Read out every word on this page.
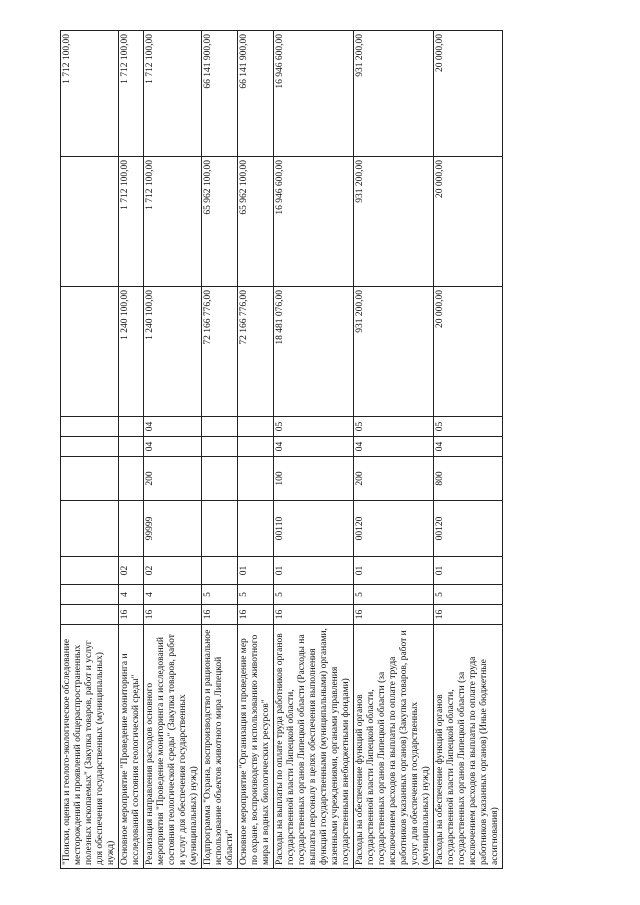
"Поиски, оценка и геолого-экологическое обследование месторождений и проявлений общераспространенных полезных ископаемых" (Закупка товаров, работ и услуг для обеспечения государственных (муниципальных) нужд)										1 712 100,00
Основное мероприятие "Проведение мониторинга и исследований состояния геологической среды"	16	4	02					1 240 100,00	1 712 100,00	1 712 100,00
Реализация направления расходов основного мероприятия "Проведение мониторинга и исследований состояния геологической среды" (Закупка товаров, работ и услуг для обеспечения государственных (муниципальных) нужд)	16	4	02	99999	200	04	04	1 240 100,00	1 712 100,00	1 712 100,00
Подпрограмма "Охрана, воспроизводство и рациональное использование объектов животного мира Липецкой области"	16	5						72 166 776,00	65 962 100,00	66 141 900,00
Основное мероприятие "Организация и проведение мер по охране, воспроизводству и использованию животного мира и водных биологических ресурсов"	16	5	01					72 166 776,00	65 962 100,00	66 141 900,00
Расходы на выплаты по оплате труда работников органов государственной власти Липецкой области, государственных органов Липецкой области (Расходы на выплаты персоналу в целях обеспечения выполнения функций государственными (муниципальными) органами, казенными учреждениями, органами управления государственными внебюджетными фондами)	16	5	01	00110	100	04	05	18 481 076,00	16 946 600,00	16 946 600,00
Расходы на обеспечение функций органов государственной власти Липецкой области, государственных органов Липецкой области (за исключением расходов на выплаты по оплате труда работников указанных органов) (Закупка товаров, работ и услуг для обеспечения государственных (муниципальных) нужд)	16	5	01	00120	200	04	05	931 200,00	931 200,00	931 200,00
Расходы на обеспечение функций органов государственной власти Липецкой области, государственных органов Липецкой области (за исключением расходов на выплаты по оплате труда работников указанных органов) (Иные бюджетные ассигнования)	16	5	01	00120	800	04	05	20 000,00	20 000,00	20 000,00
